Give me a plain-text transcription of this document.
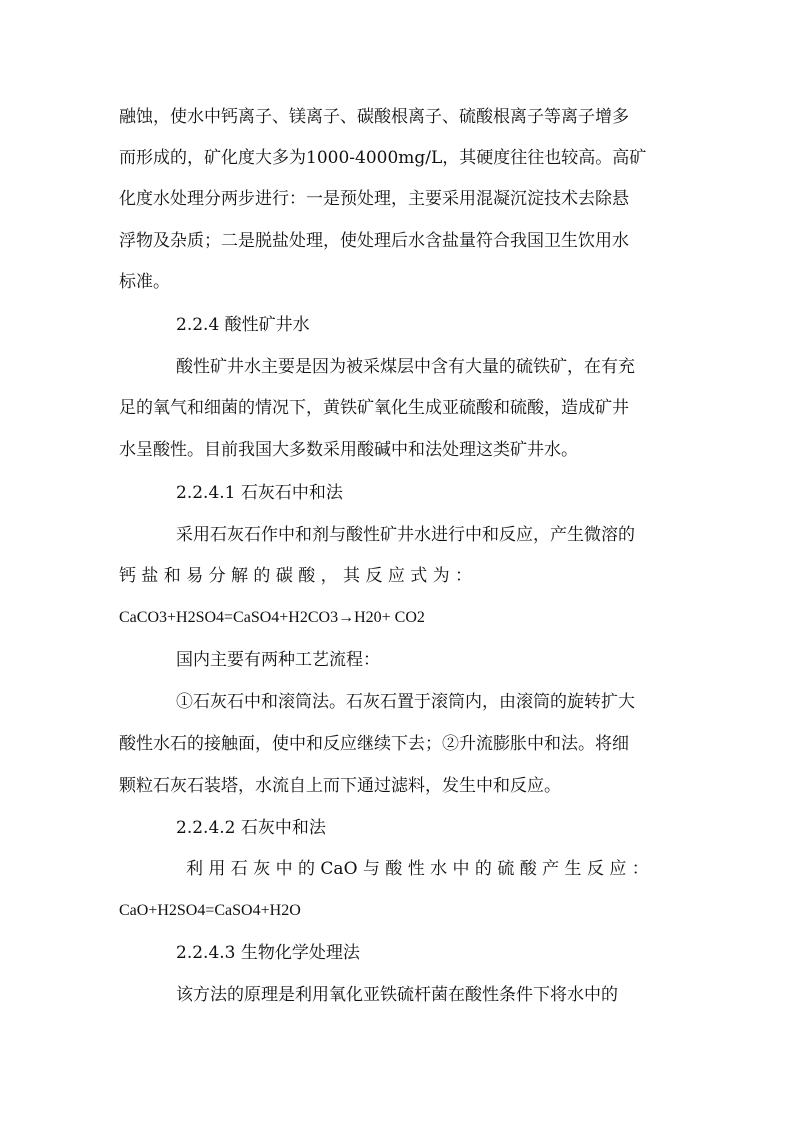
融蚀，使水中钙离子、镁离子、碳酸根离子、硫酸根离子等离子增多
而形成的，矿化度大多为1000-4000mg/L，其硬度往往也较高。高矿
化度水处理分两步进行：一是预处理，主要采用混凝沉淀技术去除悬
浮物及杂质；二是脱盐处理，使处理后水含盐量符合我国卫生饮用水
标准。
2.2.4 酸性矿井水
酸性矿井水主要是因为被采煤层中含有大量的硫铁矿，在有充
足的氧气和细菌的情况下，黄铁矿氧化生成亚硫酸和硫酸，造成矿井
水呈酸性。目前我国大多数采用酸碱中和法处理这类矿井水。
2.2.4.1 石灰石中和法
采用石灰石作中和剂与酸性矿井水进行中和反应，产生微溶的
钙 盐 和 易 分 解 的 碳 酸 ， 其 反 应 式 为 ：
CaCO3+H2SO4=CaSO4+H2CO3→H20+ CO2
国内主要有两种工艺流程：
①石灰石中和滚筒法。石灰石置于滚筒内，由滚筒的旋转扩大
酸性水石的接触面，使中和反应继续下去；②升流膨胀中和法。将细
颗粒石灰石装塔，水流自上而下通过滤料，发生中和反应。
2.2.4.2 石灰中和法
利 用 石 灰 中 的 CaO 与 酸 性 水 中 的 硫 酸 产 生 反 应 ：
CaO+H2SO4=CaSO4+H2O
2.2.4.3 生物化学处理法
该方法的原理是利用氧化亚铁硫杆菌在酸性条件下将水中的
